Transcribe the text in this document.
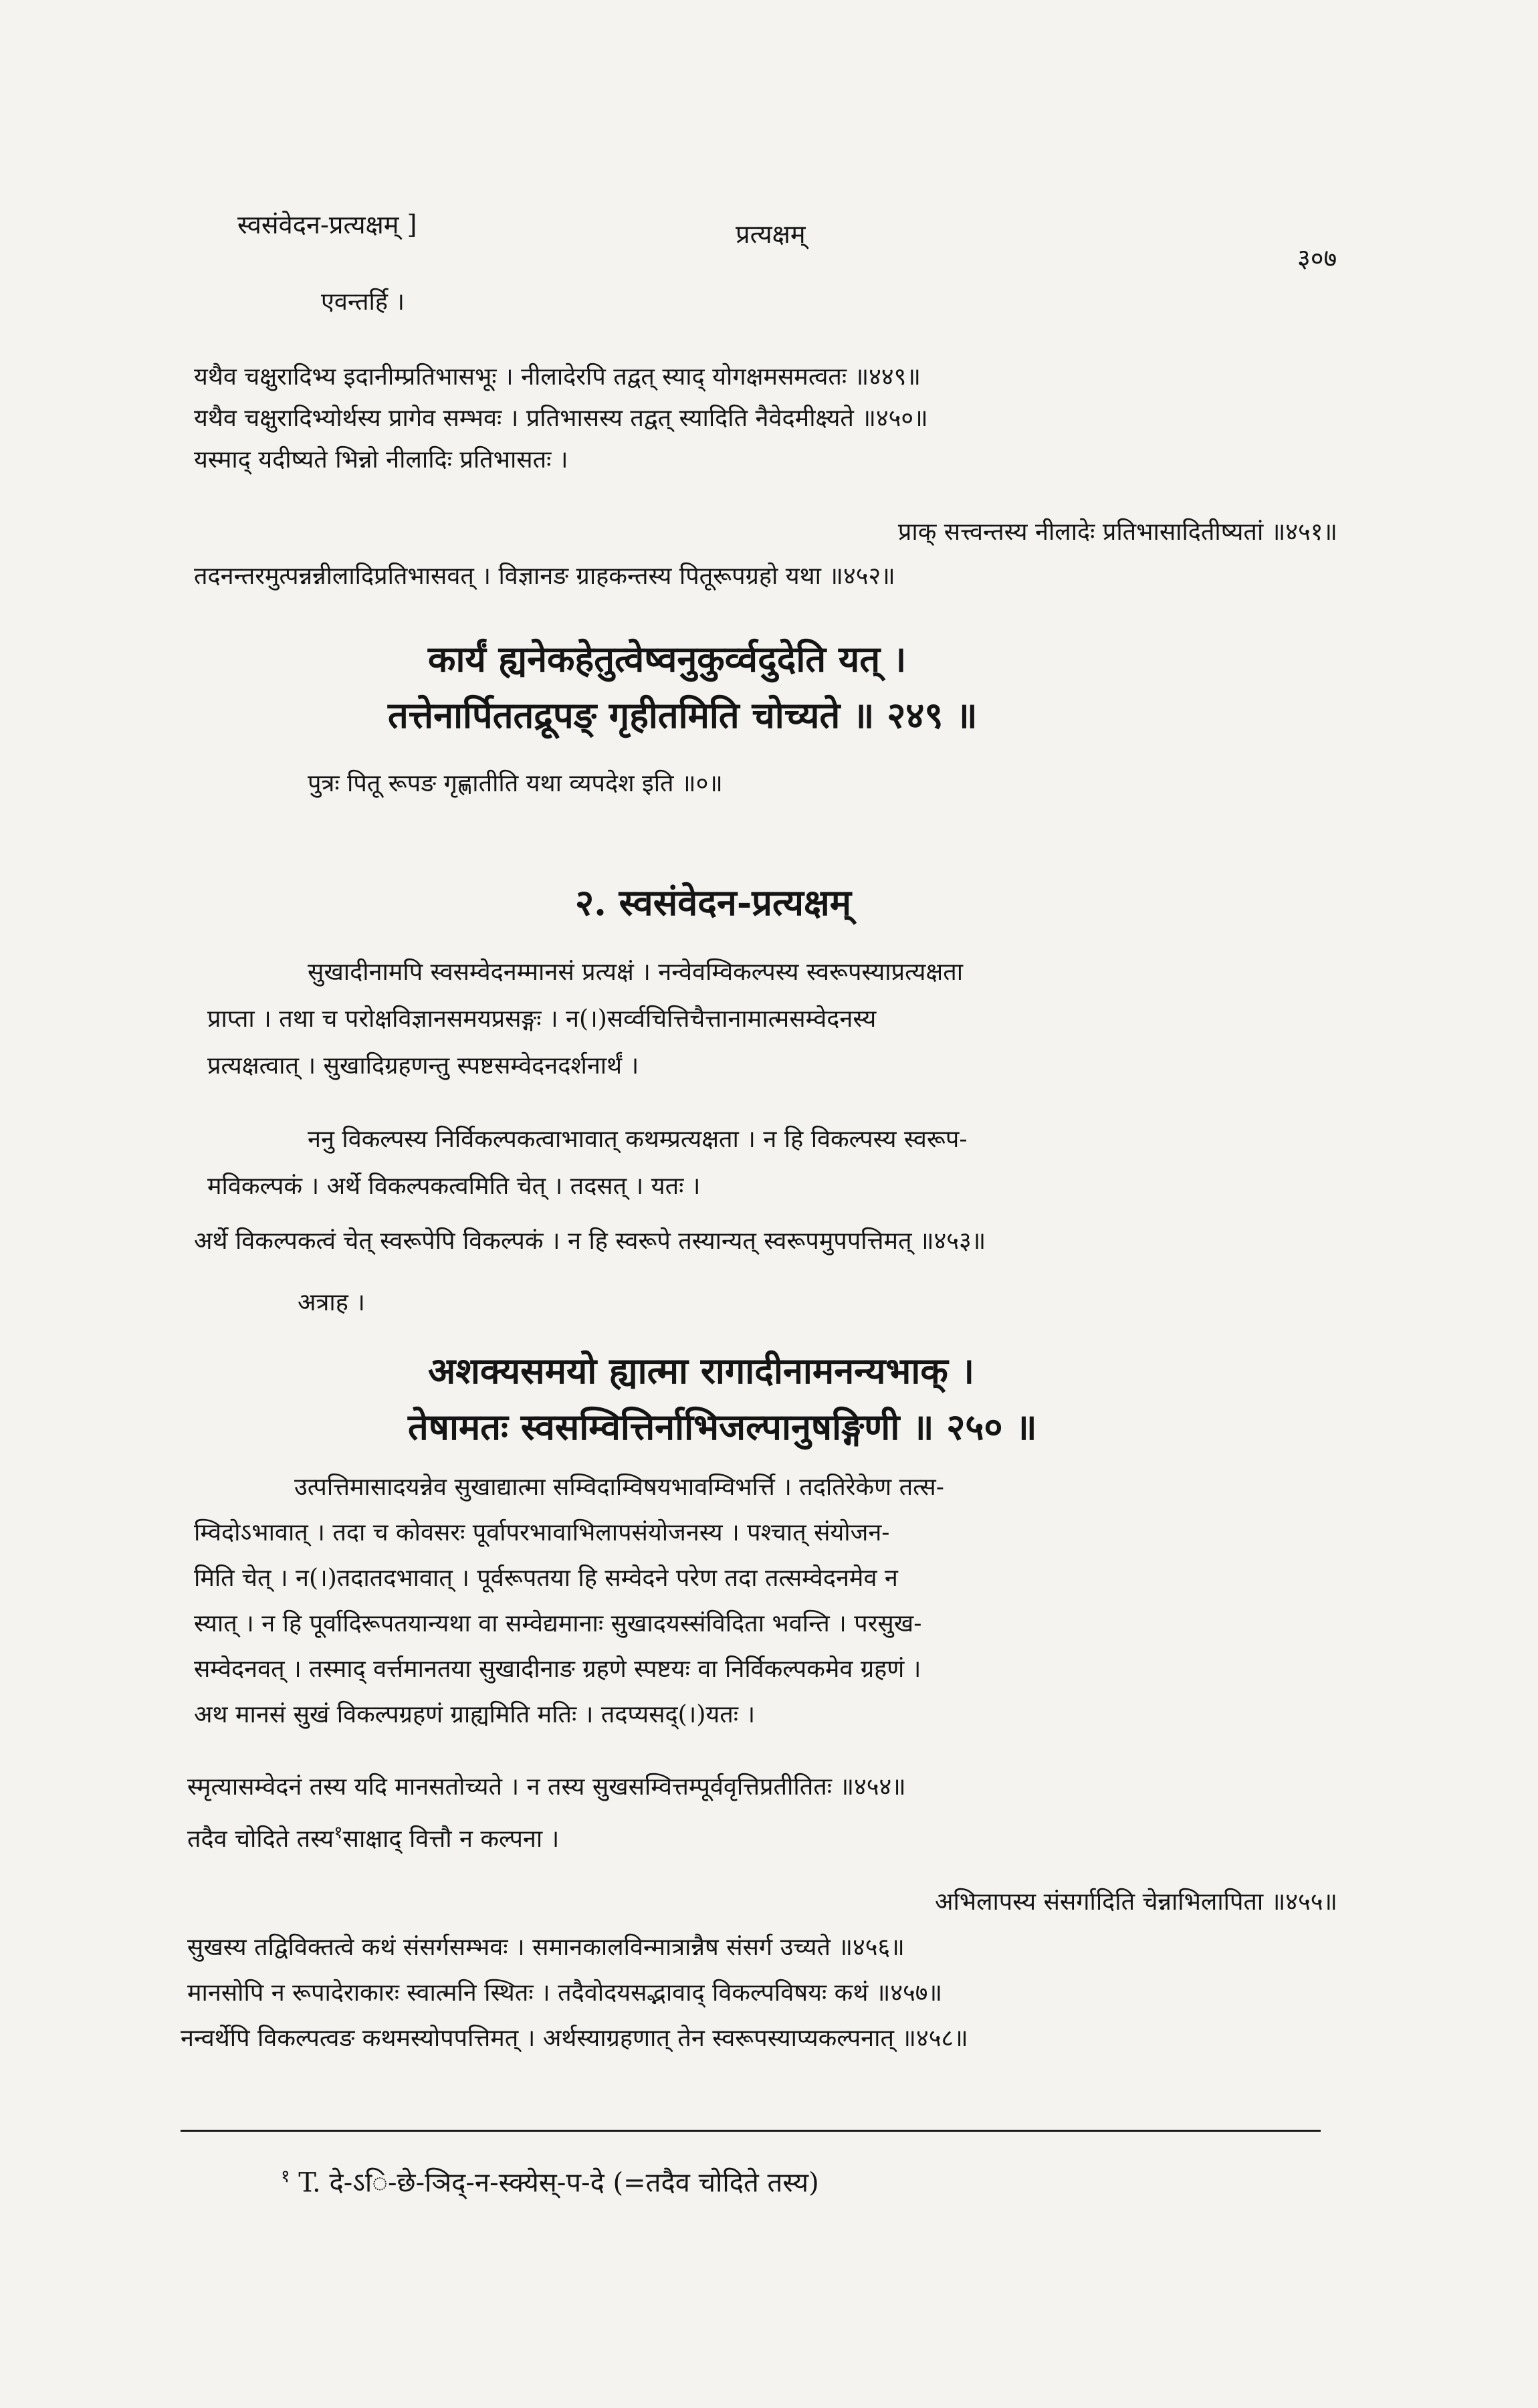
स्वसंवेदन-प्रत्यक्षम् ]	प्रत्यक्षम्
३०७
एवन्तर्हि ।
यथैव चक्षुरादिभ्य इदानीम्प्रतिभासभूः । नीलादेरपि तद्वत् स्याद् योगक्षमसमत्वतः ॥४४९॥
यथैव चक्षुरादिभ्योर्थस्य प्रागेव सम्भवः । प्रतिभासस्य तद्वत् स्यादिति नैवेदमीक्ष्यते ॥४५०॥
यस्माद् यदीष्यते भिन्नो नीलादिः प्रतिभासतः ।
प्राक् सत्त्वन्तस्य नीलादेः प्रतिभासादितीष्यतां ॥४५१॥
तदनन्तरमुत्पन्नन्नीलादिप्रतिभासवत् । विज्ञानङ ग्राहकन्तस्य पितूरूपग्रहो यथा ॥४५२॥
कार्यं ह्यनेकहेतुत्वेष्वनुकुर्व्वदुदेति यत् ।
तत्तेनार्पिततद्रूपङ् गृहीतमिति चोच्यते ॥ २४९ ॥
पुत्रः पितू रूपङ गृह्णातीति यथा व्यपदेश इति ॥०॥
२. स्वसंवेदन-प्रत्यक्षम्
सुखादीनामपि स्वसम्वेदनम्मानसं प्रत्यक्षं । नन्वेवम्विकल्पस्य स्वरूपस्याप्रत्यक्षता
प्राप्ता । तथा च परोक्षविज्ञानसमयप्रसङ्गः । न(।)सर्व्वचित्तिचैत्तानामात्मसम्वेदनस्य
प्रत्यक्षत्वात् । सुखादिग्रहणन्तु स्पष्टसम्वेदनदर्शनार्थं ।
ननु विकल्पस्य निर्विकल्पकत्वाभावात् कथम्प्रत्यक्षता । न हि विकल्पस्य स्वरूप-
मविकल्पकं । अर्थे विकल्पकत्वमिति चेत् । तदसत् । यतः ।
अर्थे विकल्पकत्वं चेत् स्वरूपेपि विकल्पकं । न हि स्वरूपे तस्यान्यत् स्वरूपमुपपत्तिमत् ॥४५३॥
अत्राह ।
अशक्यसमयो ह्यात्मा रागादीनामनन्यभाक् ।
तेषामतः स्वसम्वित्तिर्नाभिजल्पानुषङ्गिणी ॥ २५० ॥
उत्पत्तिमासादयन्नेव सुखाद्यात्मा सम्विदाम्विषयभावम्विभर्त्ति । तदतिरेकेण तत्स-
म्विदोऽभावात् । तदा च कोवसरः पूर्वापरभावाभिलापसंयोजनस्य । पश्चात् संयोजन-
मिति चेत् । न(।)तदातदभावात् । पूर्वरूपतया हि सम्वेदने परेण तदा तत्सम्वेदनमेव न
स्यात् । न हि पूर्वादिरूपतयान्यथा वा सम्वेद्यमानाः सुखादयस्संविदिता भवन्ति । परसुख-
सम्वेदनवत् । तस्माद् वर्त्तमानतया सुखादीनाङ ग्रहणे स्पष्टयः वा निर्विकल्पकमेव ग्रहणं ।
अथ मानसं सुखं विकल्पग्रहणं ग्राह्यमिति मतिः । तदप्यसद्(।)यतः ।
स्मृत्यासम्वेदनं तस्य यदि मानसतोच्यते । न तस्य सुखसम्वित्तम्पूर्ववृत्तिप्रतीतितः ॥४५४॥
तदैव चोदिते तस्य$^१$साक्षाद् वित्तौ न कल्पना ।
अभिलापस्य संसर्गादिति चेन्नाभिलापिता ॥४५५॥
सुखस्य तद्विविक्तत्वे कथं संसर्गसम्भवः । समानकालविन्मात्रान्नैष संसर्ग उच्यते ॥४५६॥
मानसोपि न रूपादेराकारः स्वात्मनि स्थितः । तदैवोदयसद्भावाद् विकल्पविषयः कथं ॥४५७॥
नन्वर्थेपि विकल्पत्वङ कथमस्योपपत्तिमत् । अर्थस्याग्रहणात् तेन स्वरूपस्याप्यकल्पनात् ॥४५८॥
$^१$ T. दे-ऽि-छे-ञिद्-न-स्क्येस्-प-दे (=तदैव चोदिते तस्य)
